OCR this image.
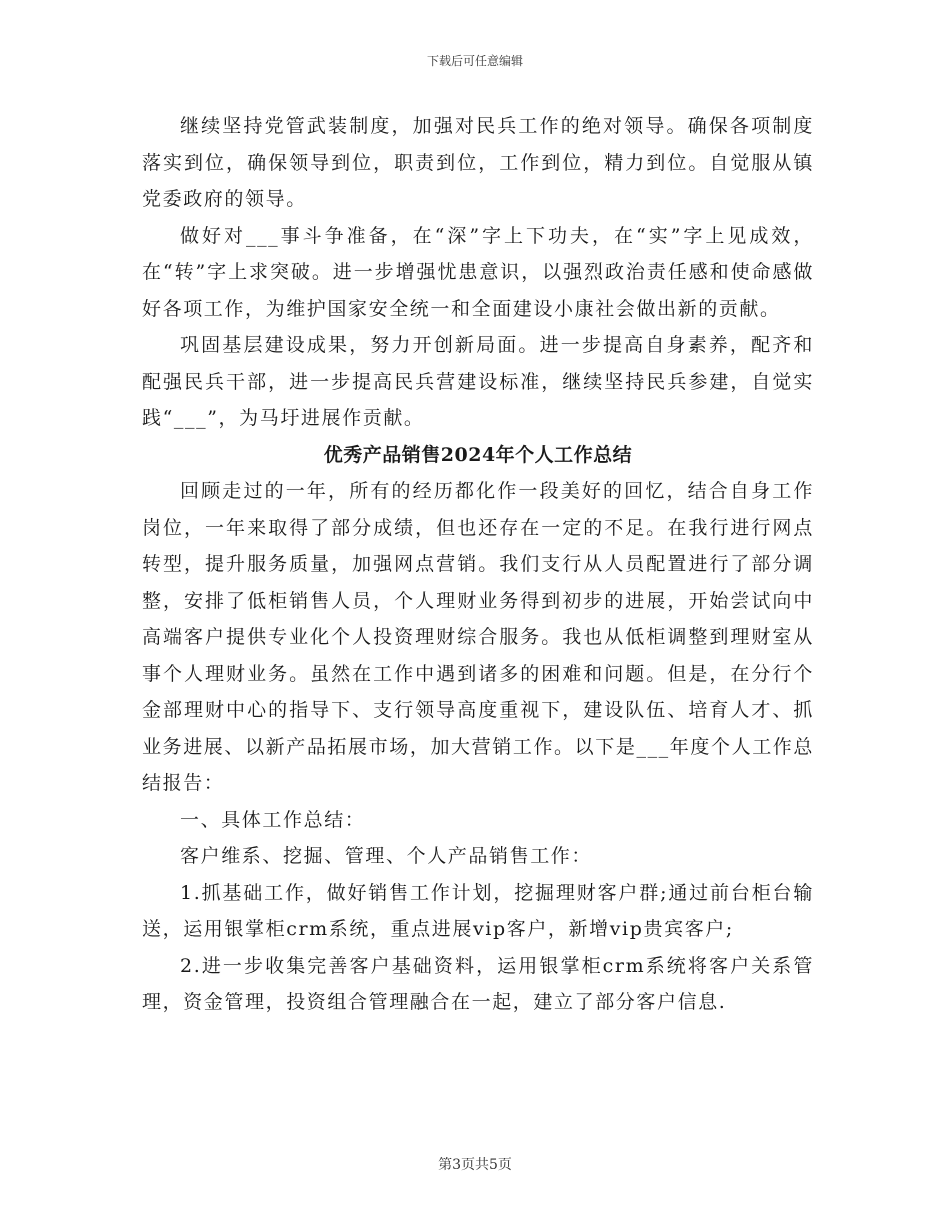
下载后可任意编辑

继续坚持党管武装制度，加强对民兵工作的绝对领导。确保各项制度落实到位，确保领导到位，职责到位，工作到位，精力到位。自觉服从镇党委政府的领导。

做好对___事斗争准备，在“深”字上下功夫，在“实”字上见成效，在“转”字上求突破。进一步增强忧患意识，以强烈政治责任感和使命感做好各项工作，为维护国家安全统一和全面建设小康社会做出新的贡献。

巩固基层建设成果，努力开创新局面。进一步提高自身素养，配齐和配强民兵干部，进一步提高民兵营建设标准，继续坚持民兵参建，自觉实践“___”，为马圩进展作贡献。

优秀产品销售2024年个人工作总结

回顾走过的一年，所有的经历都化作一段美好的回忆，结合自身工作岗位，一年来取得了部分成绩，但也还存在一定的不足。在我行进行网点转型，提升服务质量，加强网点营销。我们支行从人员配置进行了部分调整，安排了低柜销售人员，个人理财业务得到初步的进展，开始尝试向中高端客户提供专业化个人投资理财综合服务。我也从低柜调整到理财室从事个人理财业务。虽然在工作中遇到诸多的困难和问题。但是，在分行个金部理财中心的指导下、支行领导高度重视下，建设队伍、培育人才、抓业务进展、以新产品拓展市场，加大营销工作。以下是___年度个人工作总结报告：

一、具体工作总结：

客户维系、挖掘、管理、个人产品销售工作：

1.抓基础工作，做好销售工作计划，挖掘理财客户群;通过前台柜台输送，运用银掌柜crm系统，重点进展vip客户，新增vip贵宾客户;

2.进一步收集完善客户基础资料，运用银掌柜crm系统将客户关系管理，资金管理，投资组合管理融合在一起，建立了部分客户信息.

第3页共5页
